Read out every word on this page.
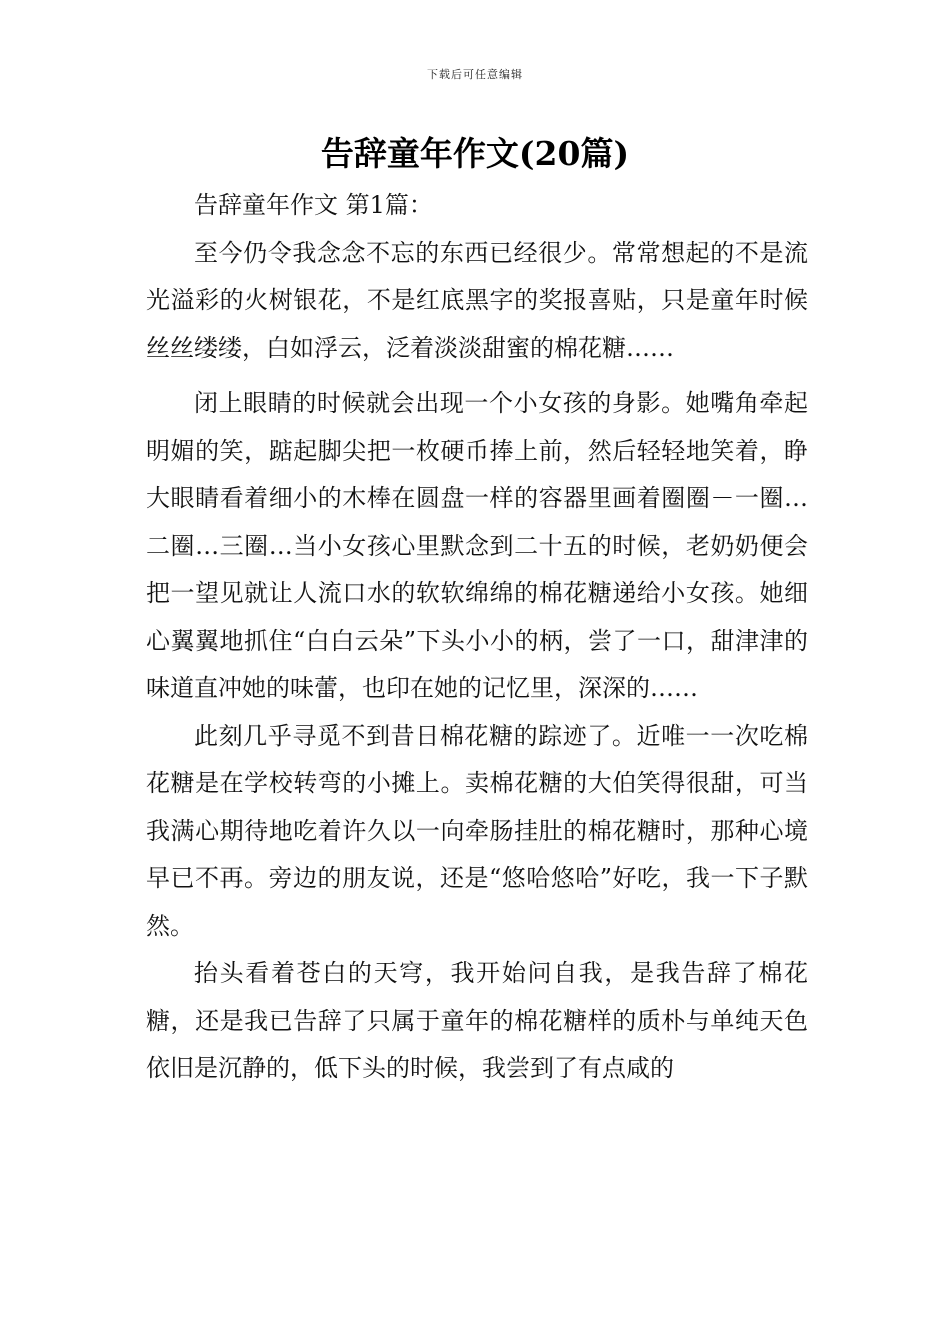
下载后可任意编辑
告辞童年作文(20篇)

告辞童年作文 第1篇：

至今仍令我念念不忘的东西已经很少。常常想起的不是流光溢彩的火树银花，不是红底黑字的奖报喜贴，只是童年时候丝丝缕缕，白如浮云，泛着淡淡甜蜜的棉花糖……

闭上眼睛的时候就会出现一个小女孩的身影。她嘴角牵起明媚的笑，踮起脚尖把一枚硬币捧上前，然后轻轻地笑着，睁大眼睛看着细小的木棒在圆盘一样的容器里画着圈圈－一圈…二圈…三圈…当小女孩心里默念到二十五的时候，老奶奶便会把一望见就让人流口水的软软绵绵的棉花糖递给小女孩。她细心翼翼地抓住“白白云朵”下头小小的柄，尝了一口，甜津津的味道直冲她的味蕾，也印在她的记忆里，深深的……

此刻几乎寻觅不到昔日棉花糖的踪迹了。近唯一一次吃棉花糖是在学校转弯的小摊上。卖棉花糖的大伯笑得很甜，可当我满心期待地吃着许久以一向牵肠挂肚的棉花糖时，那种心境早已不再。旁边的朋友说，还是“悠哈悠哈”好吃，我一下子默然。

抬头看着苍白的天穹，我开始问自我，是我告辞了棉花糖，还是我已告辞了只属于童年的棉花糖样的质朴与单纯天色依旧是沉静的，低下头的时候，我尝到了有点咸的
